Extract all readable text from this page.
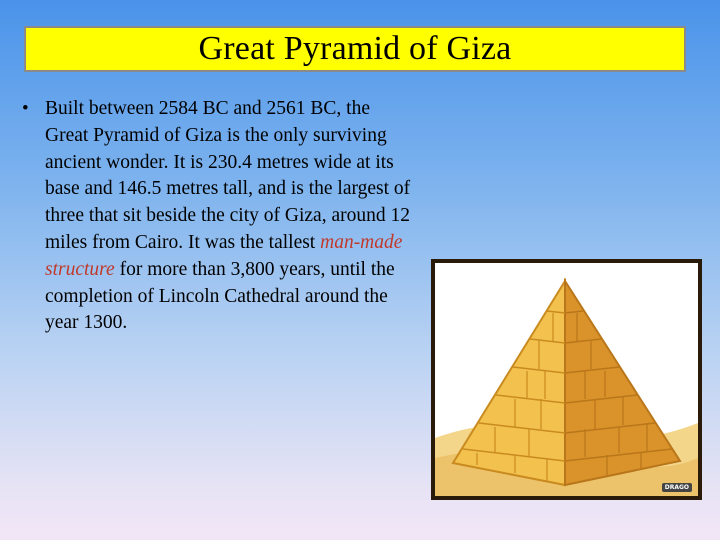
Great Pyramid of Giza
• Built between 2584 BC and 2561 BC, the Great Pyramid of Giza is the only surviving ancient wonder. It is 230.4 metres wide at its base and 146.5 metres tall, and is the largest of three that sit beside the city of Giza, around 12 miles from Cairo. It was the tallest man-made structure for more than 3,800 years, until the completion of Lincoln Cathedral around the year 1300.
DRAGO
